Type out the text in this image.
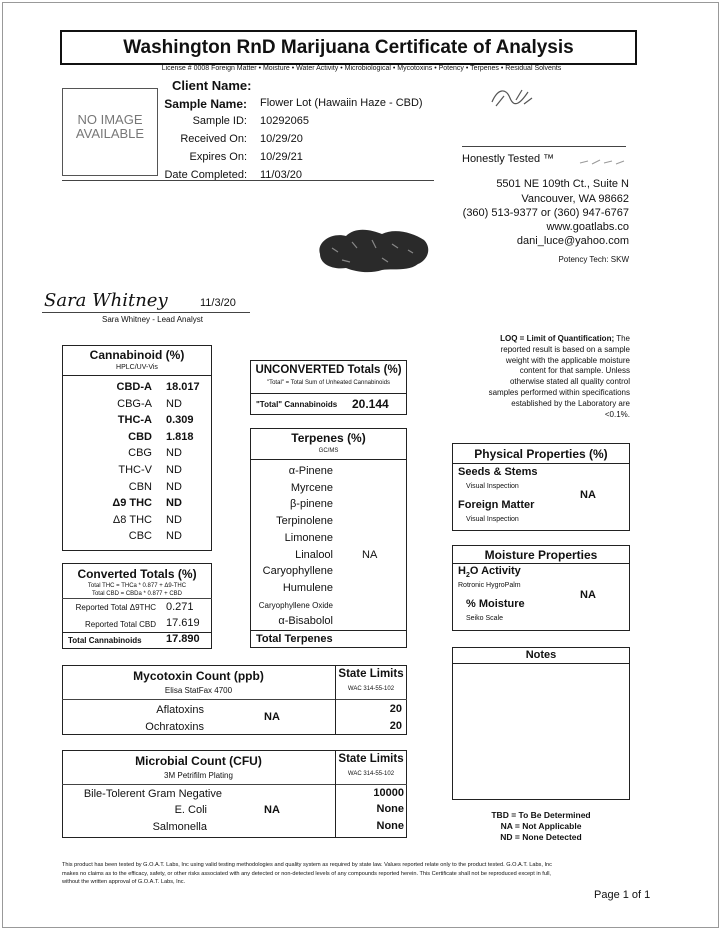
Washington RnD Marijuana Certificate of Analysis
License # 0008 Foreign Matter • Moisture • Water Activity • Microbiological • Mycotoxins • Potency • Terpenes • Residual Solvents
NO IMAGE
AVAILABLE
Client Name:
Sample Name: Flower Lot (Hawaiin Haze - CBD)
Sample ID: 10292065
Received On: 10/29/20
Expires On: 10/29/21
Date Completed: 11/03/20
Honestly Tested ™
5501 NE 109th Ct., Suite N
Vancouver, WA 98662
(360) 513-9377 or (360) 947-6767
www.goatlabs.co
dani_luce@yahoo.com
Potency Tech: SKW
Sara Whitney	11/3/20
Sara Whitney - Lead Analyst
LOQ = Limit of Quantification; The
reported result is based on a sample
weight with the applicable moisture
content for that sample. Unless
otherwise stated all quality control
samples performed within specifications
established by the Laboratory are
<0.1%.
Cannabinoid (%)
HPLC/UV-Vis
CBD-A 18.017
CBG-A ND
THC-A 0.309
CBD 1.818
CBG ND
THC-V ND
CBN ND
Δ9 THC ND
Δ8 THC ND
CBC ND
Converted Totals (%)
Total THC = THCa * 0.877 + Δ9-THC
Total CBD = CBDa * 0.877 + CBD
Reported Total Δ9THC 0.271
Reported Total CBD 17.619
Total Cannabinoids 17.890
UNCONVERTED Totals (%)
"Total" = Total Sum of Unheated Cannabinoids
"Total" Cannabinoids 20.144
Terpenes (%)
GC/MS
α-Pinene
Myrcene
β-pinene
Terpinolene
Limonene
Linalool
Caryophyllene
Humulene
Caryophyllene Oxide
α-Bisabolol
NA
Total Terpenes
Physical Properties (%)
Seeds & Stems
Visual Inspection
Foreign Matter
Visual Inspection
NA
Moisture Properties
$H_2O$ Activity
Rotronic HygroPalm
% Moisture
Seiko Scale
NA
Notes
Mycotoxin Count (ppb)
Elisa StatFax 4700
State Limits
WAC 314-55-102
Aflatoxins	20
Ochratoxins	20
NA
Microbial Count (CFU)
3M Petrifilm Plating
State Limits
WAC 314-55-102
Bile-Tolerent Gram Negative	10000
E. Coli	None
Salmonella	None
NA	TBD = To Be Determined
NA = Not Applicable
ND = None Detected
This product has been tested by G.O.A.T. Labs, Inc using valid testing methodologies and quality system as required by state law. Values reported relate only to the product tested. G.O.A.T. Labs, Inc
makes no claims as to the efficacy, safety, or other risks associated with any detected or non-detected levels of any compounds reported herein. This Certificate shall not be reproduced except in full,
without the written approval of G.O.A.T. Labs, Inc.
Page 1 of 1
